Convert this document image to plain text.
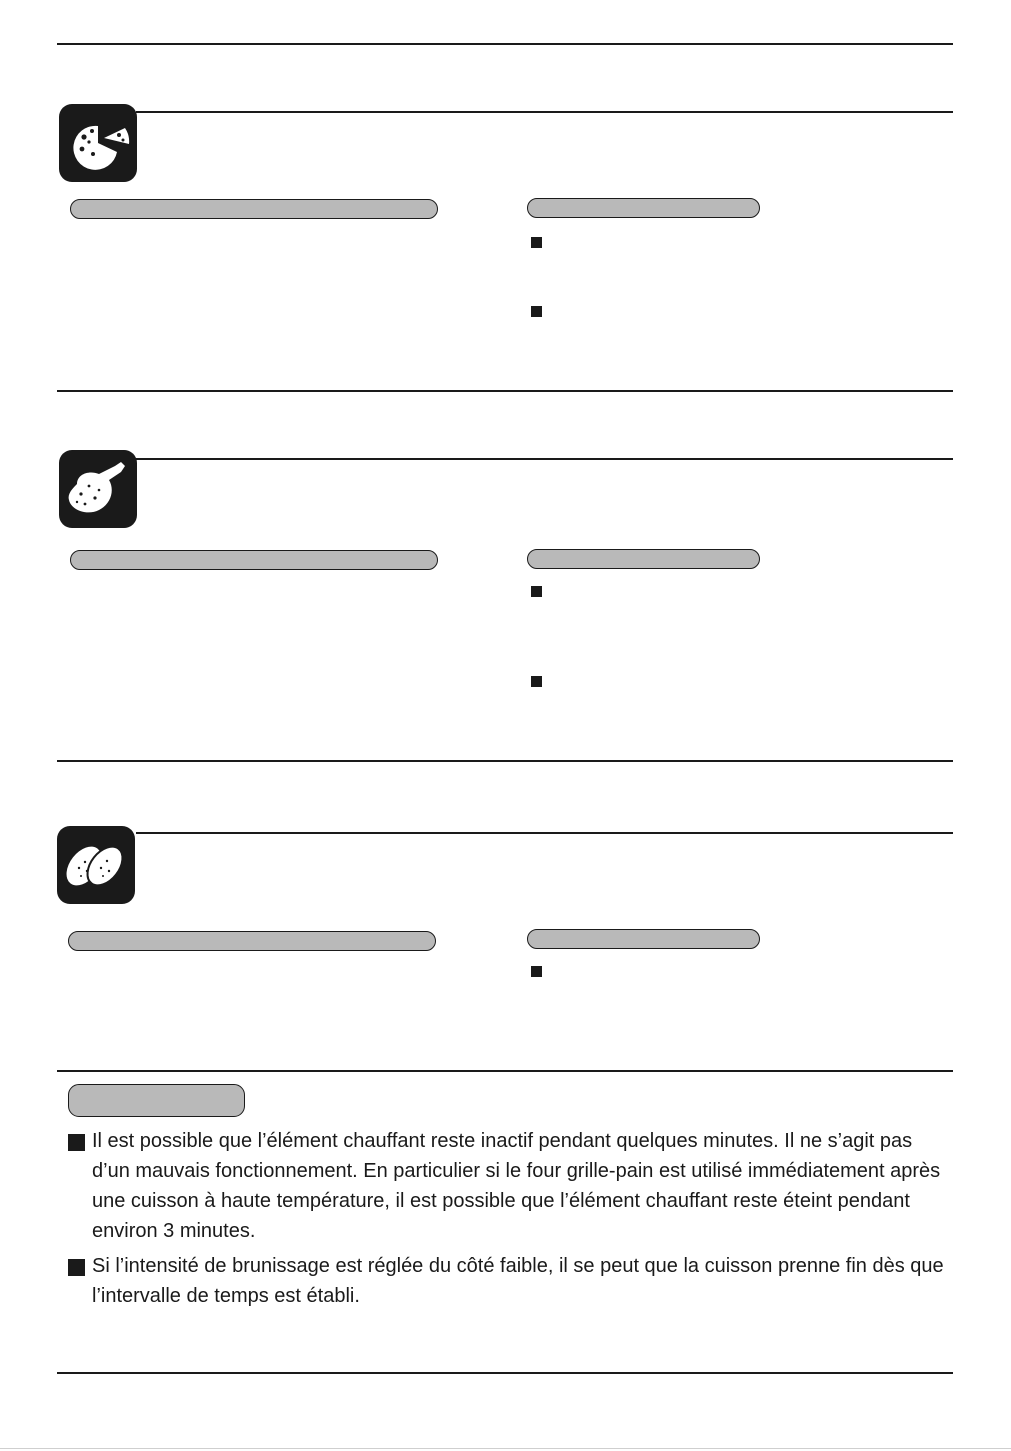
Il est possible que l’élément chauffant reste inactif pendant quelques minutes. Il ne s’agit pas d’un mauvais fonctionnement. En particulier si le four grille-pain est utilisé immédiatement après une cuisson à haute température, il est possible que l’élément chauffant reste éteint pendant environ 3 minutes.
Si l’intensité de brunissage est réglée du côté faible, il se peut que la cuisson prenne fin dès que l’intervalle de temps est établi.
